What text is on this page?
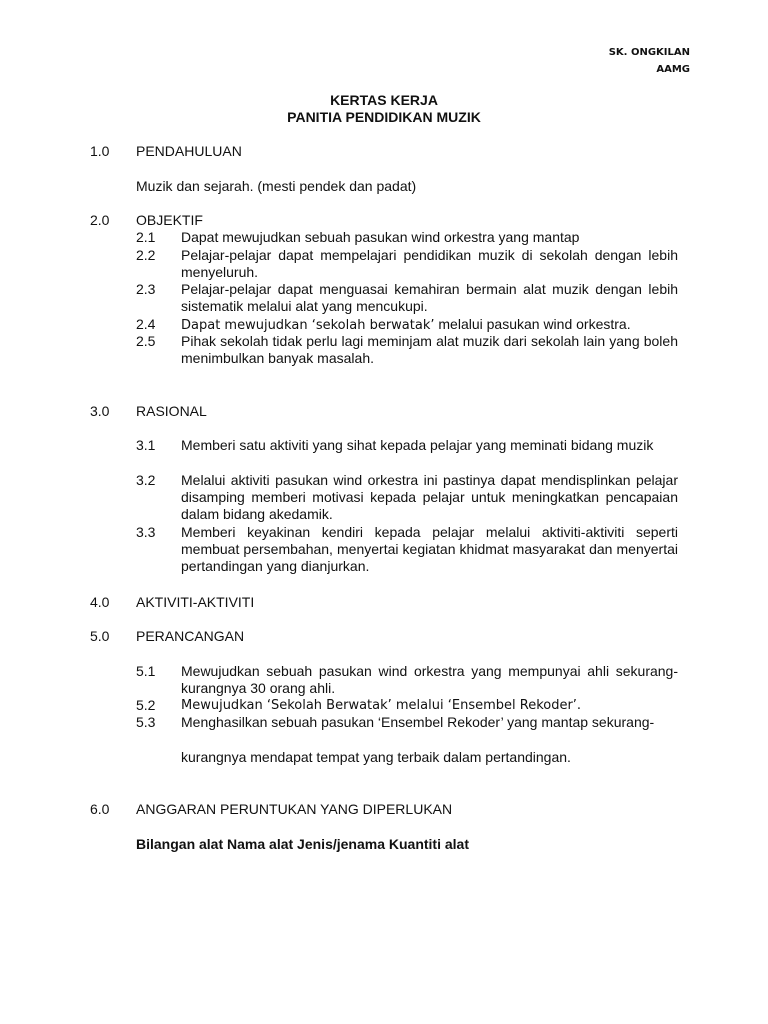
SK. ONGKILAN
AAMG
KERTAS KERJA
PANITIA PENDIDIKAN MUZIK
1.0 PENDAHULUAN
Muzik dan sejarah. (mesti pendek dan padat)
2.0 OBJEKTIF
2.1 Dapat mewujudkan sebuah pasukan wind orkestra yang mantap
2.2 Pelajar-pelajar dapat mempelajari pendidikan muzik di sekolah dengan lebih menyeluruh.
2.3 Pelajar-pelajar dapat menguasai kemahiran bermain alat muzik dengan lebih sistematik melalui alat yang mencukupi.
2.4 Dapat mewujudkan ‘sekolah berwatak’ melalui pasukan wind orkestra.
2.5 Pihak sekolah tidak perlu lagi meminjam alat muzik dari sekolah lain yang boleh menimbulkan banyak masalah.
3.0 RASIONAL
3.1 Memberi satu aktiviti yang sihat kepada pelajar yang meminati bidang muzik
3.2 Melalui aktiviti pasukan wind orkestra ini pastinya dapat mendisplinkan pelajar disamping memberi motivasi kepada pelajar untuk meningkatkan pencapaian dalam bidang akedamik.
3.3 Memberi keyakinan kendiri kepada pelajar melalui aktiviti-aktiviti seperti membuat persembahan, menyertai kegiatan khidmat masyarakat dan menyertai pertandingan yang dianjurkan.
4.0 AKTIVITI-AKTIVITI
5.0 PERANCANGAN
5.1 Mewujudkan sebuah pasukan wind orkestra yang mempunyai ahli sekurang-kurangnya 30 orang ahli.
5.2 Mewujudkan ‘Sekolah Berwatak’ melalui ‘Ensembel Rekoder’.
5.3 Menghasilkan sebuah pasukan ‘Ensembel Rekoder’ yang mantap sekurang-
kurangnya mendapat tempat yang terbaik dalam pertandingan.
6.0 ANGGARAN PERUNTUKAN YANG DIPERLUKAN
Bilangan alat Nama alat Jenis/jenama Kuantiti alat
